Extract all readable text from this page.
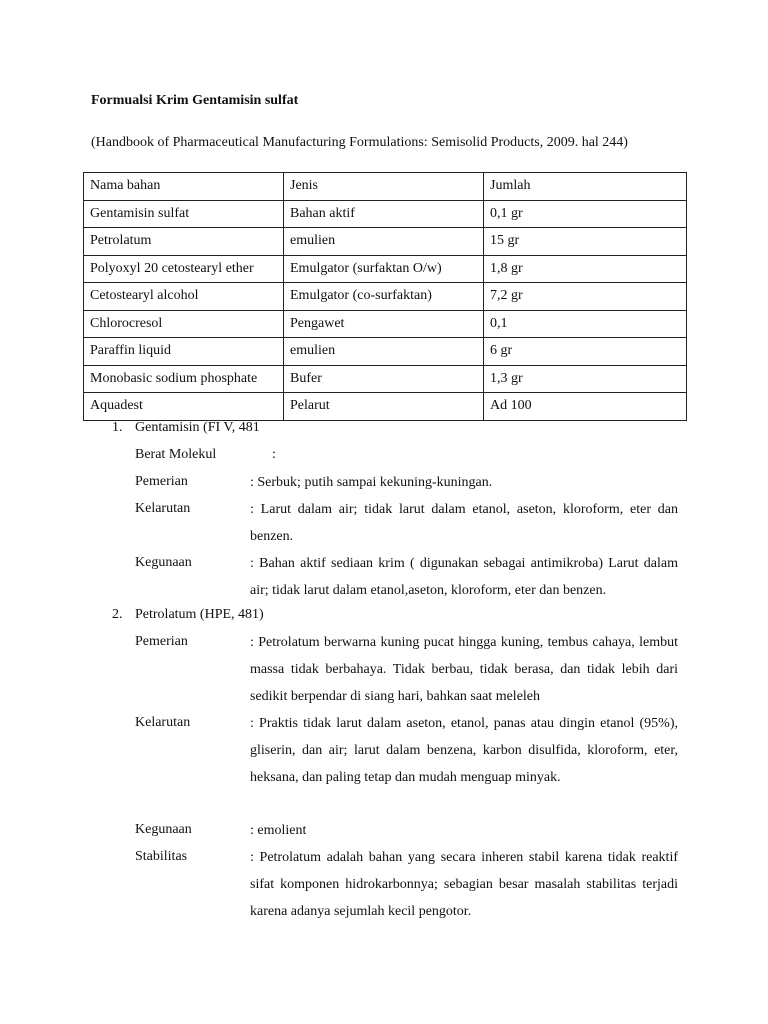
Formualsi Krim Gentamisin sulfat
(Handbook of Pharmaceutical Manufacturing Formulations: Semisolid Products, 2009. hal 244)
Nama bahan	Jenis	Jumlah
Gentamisin sulfat	Bahan aktif	0,1 gr
Petrolatum	emulien	15 gr
Polyoxyl 20 cetostearyl ether	Emulgator (surfaktan O/w)	1,8 gr
Cetostearyl alcohol	Emulgator (co-surfaktan)	7,2 gr
Chlorocresol	Pengawet	0,1
Paraffin liquid	emulien	6 gr
Monobasic sodium phosphate	Bufer	1,3 gr
Aquadest	Pelarut	Ad 100
1. Gentamisin (FI V, 481
Berat Molekul	:
Pemerian	: Serbuk; putih sampai kekuning-kuningan.
Kelarutan	: Larut dalam air; tidak larut dalam etanol, aseton, kloroform, eter dan benzen.
Kegunaan	: Bahan aktif sediaan krim ( digunakan sebagai antimikroba) Larut dalam air; tidak larut dalam etanol,aseton, kloroform, eter dan benzen.
2. Petrolatum (HPE, 481)
Pemerian	: Petrolatum berwarna kuning pucat hingga kuning, tembus cahaya, lembut massa tidak berbahaya. Tidak berbau, tidak berasa, dan tidak lebih dari sedikit berpendar di siang hari, bahkan saat meleleh
Kelarutan	: Praktis tidak larut dalam aseton, etanol, panas atau dingin etanol (95%), gliserin, dan air; larut dalam benzena, karbon disulfida, kloroform, eter, heksana, dan paling tetap dan mudah menguap minyak.
Kegunaan	: emolient
Stabilitas	: Petrolatum adalah bahan yang secara inheren stabil karena tidak reaktif sifat komponen hidrokarbonnya; sebagian besar masalah stabilitas terjadi karena adanya sejumlah kecil pengotor.
